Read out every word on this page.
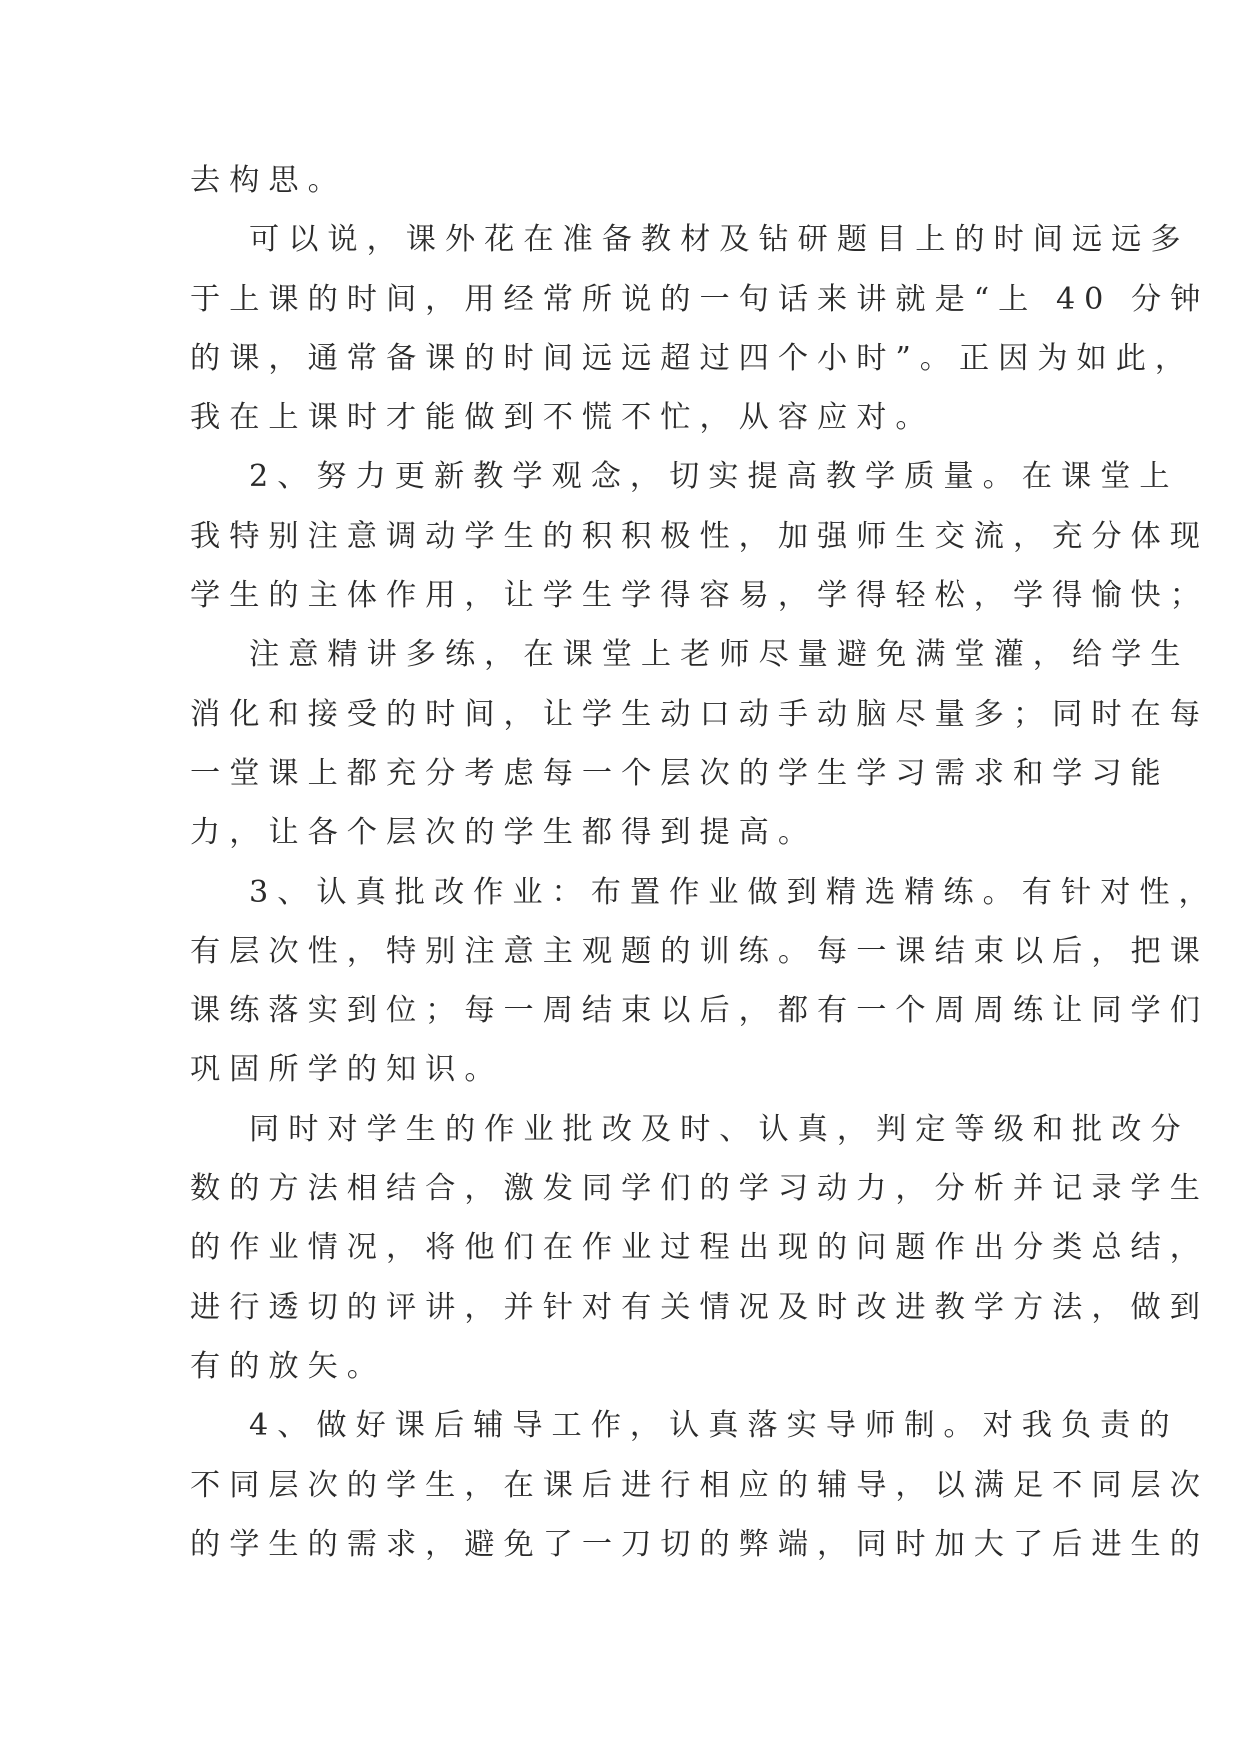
去构思。
可以说，课外花在准备教材及钻研题目上的时间远远多
于上课的时间，用经常所说的一句话来讲就是“上 40 分钟
的课，通常备课的时间远远超过四个小时”。正因为如此，
我在上课时才能做到不慌不忙，从容应对。
2、努力更新教学观念，切实提高教学质量。在课堂上
我特别注意调动学生的积积极性，加强师生交流，充分体现
学生的主体作用，让学生学得容易，学得轻松，学得愉快；
注意精讲多练，在课堂上老师尽量避免满堂灌，给学生
消化和接受的时间，让学生动口动手动脑尽量多；同时在每
一堂课上都充分考虑每一个层次的学生学习需求和学习能
力，让各个层次的学生都得到提高。
3、认真批改作业：布置作业做到精选精练。有针对性，
有层次性，特别注意主观题的训练。每一课结束以后，把课
课练落实到位；每一周结束以后，都有一个周周练让同学们
巩固所学的知识。
同时对学生的作业批改及时、认真，判定等级和批改分
数的方法相结合，激发同学们的学习动力，分析并记录学生
的作业情况，将他们在作业过程出现的问题作出分类总结，
进行透切的评讲，并针对有关情况及时改进教学方法，做到
有的放矢。
4、做好课后辅导工作，认真落实导师制。对我负责的
不同层次的学生，在课后进行相应的辅导，以满足不同层次
的学生的需求，避免了一刀切的弊端，同时加大了后进生的
